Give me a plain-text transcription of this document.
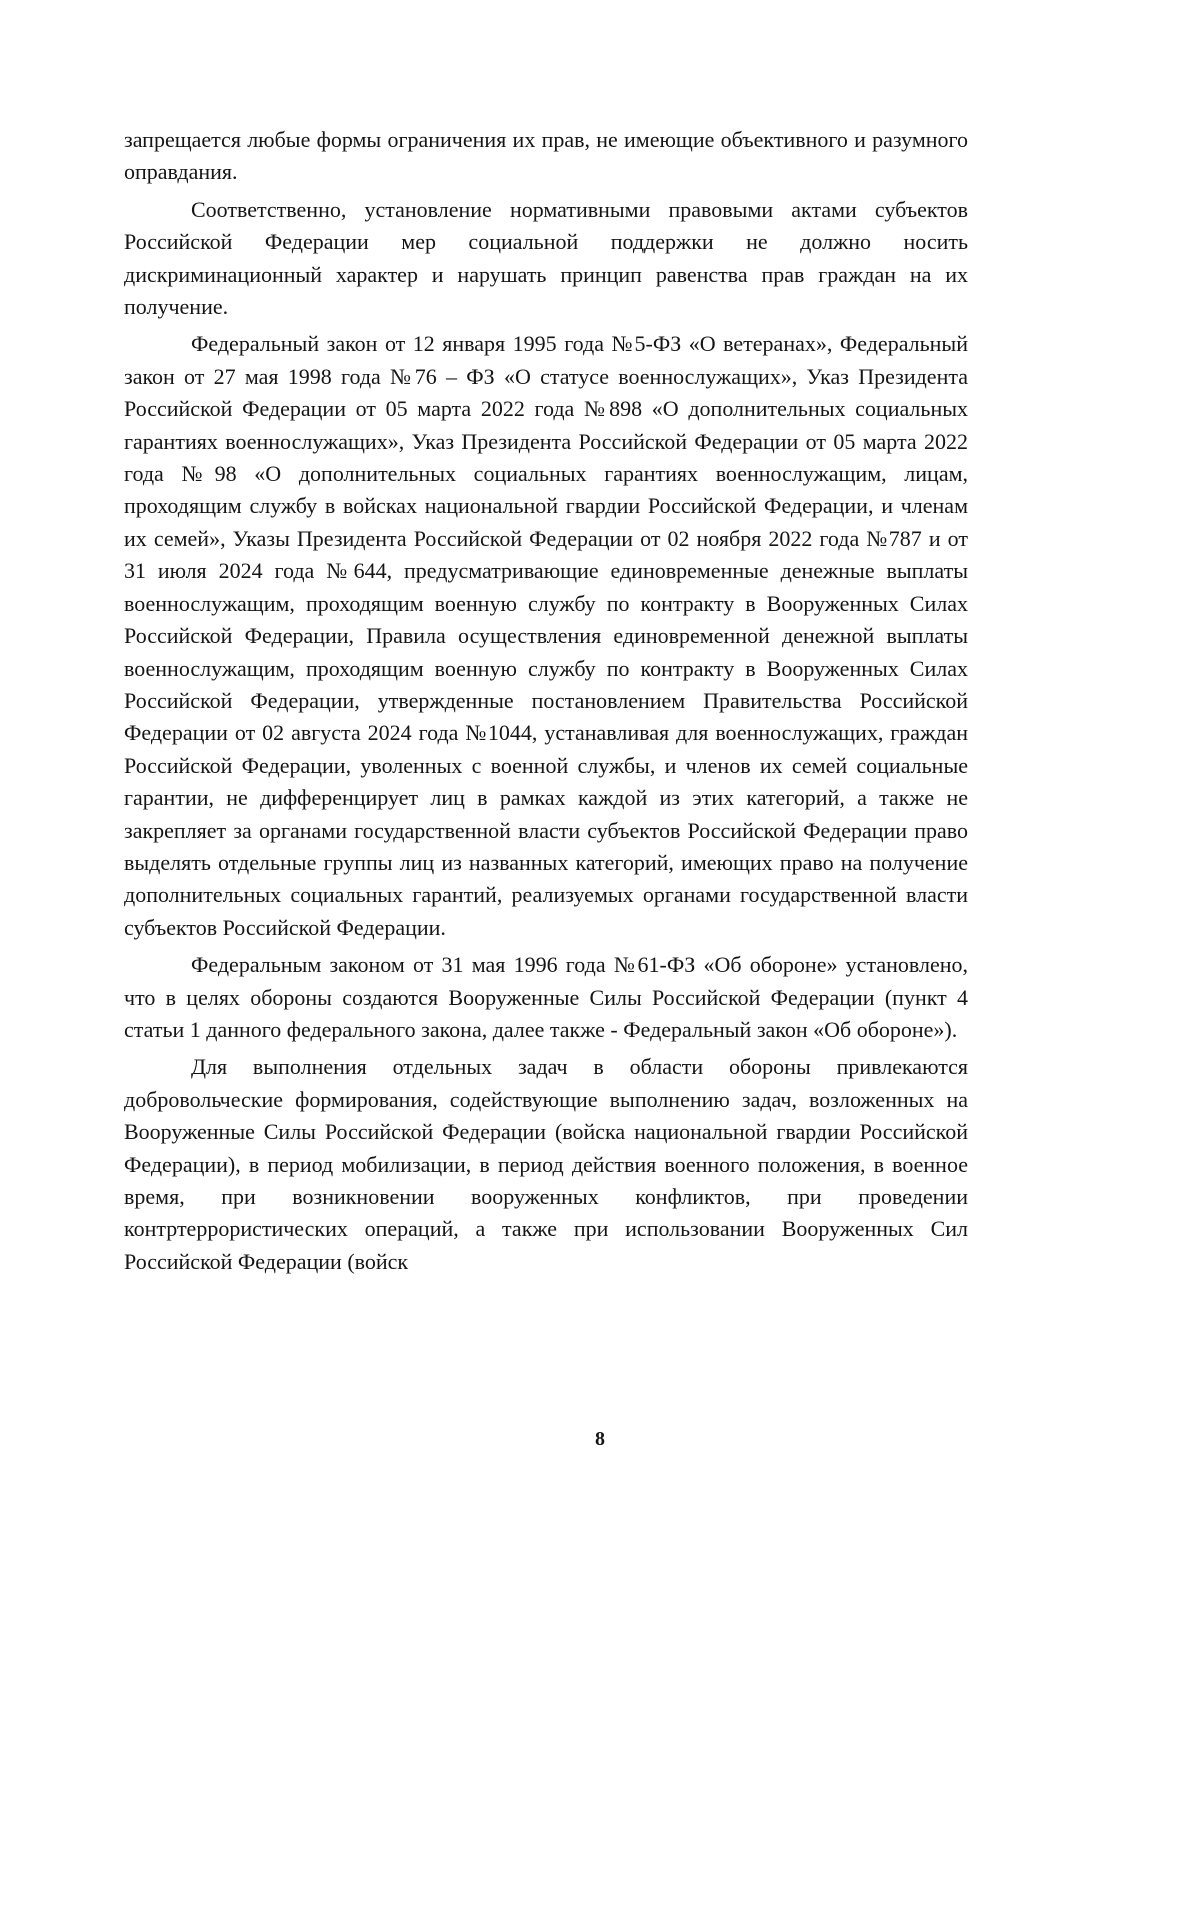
запрещается любые формы ограничения их прав, не имеющие объективного и разумного оправдания.

Соответственно, установление нормативными правовыми актами субъектов Российской Федерации мер социальной поддержки не должно носить дискриминационный характер и нарушать принцип равенства прав граждан на их получение.

Федеральный закон от 12 января 1995 года №5-ФЗ «О ветеранах», Федеральный закон от 27 мая 1998 года №76 – ФЗ «О статусе военнослужащих», Указ Президента Российской Федерации от 05 марта 2022 года №898 «О дополнительных социальных гарантиях военнослужащих», Указ Президента Российской Федерации от 05 марта 2022 года №98 «О дополнительных социальных гарантиях военнослужащим, лицам, проходящим службу в войсках национальной гвардии Российской Федерации, и членам их семей», Указы Президента Российской Федерации от 02 ноября 2022 года №787 и от 31 июля 2024 года №644, предусматривающие единовременные денежные выплаты военнослужащим, проходящим военную службу по контракту в Вооруженных Силах Российской Федерации, Правила осуществления единовременной денежной выплаты военнослужащим, проходящим военную службу по контракту в Вооруженных Силах Российской Федерации, утвержденные постановлением Правительства Российской Федерации от 02 августа 2024 года №1044, устанавливая для военнослужащих, граждан Российской Федерации, уволенных с военной службы, и членов их семей социальные гарантии, не дифференцирует лиц в рамках каждой из этих категорий, а также не закрепляет за органами государственной власти субъектов Российской Федерации право выделять отдельные группы лиц из названных категорий, имеющих право на получение дополнительных социальных гарантий, реализуемых органами государственной власти субъектов Российской Федерации.

Федеральным законом от 31 мая 1996 года №61-ФЗ «Об обороне» установлено, что в целях обороны создаются Вооруженные Силы Российской Федерации (пункт 4 статьи 1 данного федерального закона, далее также - Федеральный закон «Об обороне»).

Для выполнения отдельных задач в области обороны привлекаются добровольческие формирования, содействующие выполнению задач, возложенных на Вооруженные Силы Российской Федерации (войска национальной гвардии Российской Федерации), в период мобилизации, в период действия военного положения, в военное время, при возникновении вооруженных конфликтов, при проведении контртеррористических операций, а также при использовании Вооруженных Сил Российской Федерации (войск

8
